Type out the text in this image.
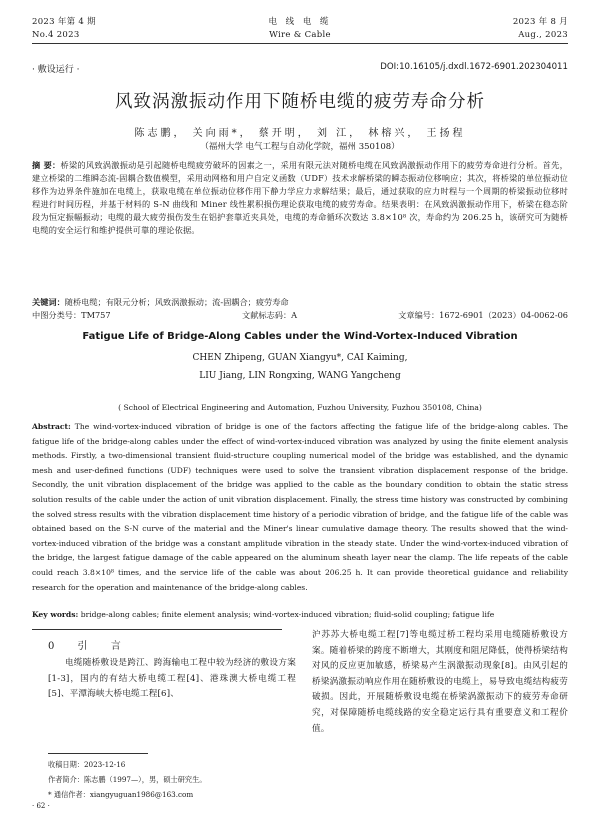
2023 年第 4 期
No.4 2023
电 线 电 缆
Wire & Cable
2023 年 8 月
Aug., 2023
· 敷设运行 ·	DOI:10.16105/j.dxdl.1672-6901.202304011
风致涡激振动作用下随桥电缆的疲劳寿命分析
陈志鹏， 关向雨*， 蔡开明， 刘 江， 林榕兴， 王扬程
（福州大学 电气工程与自动化学院，福州 350108）
摘 要：桥梁的风致涡激振动是引起随桥电缆疲劳破坏的因素之一，采用有限元法对随桥电缆在风致涡激振动作用下的疲劳寿命进行分析。首先，建立桥梁的二维瞬态流-固耦合数值模型，采用动网格和用户自定义函数（UDF）技术求解桥梁的瞬态振动位移响应；其次，将桥梁的单位振动位移作为边界条件施加在电缆上，获取电缆在单位振动位移作用下静力学应力求解结果；最后，通过获取的应力时程与一个周期的桥梁振动位移时程进行时间历程，并基于材料的 S-N 曲线和 Miner 线性累积损伤理论获取电缆的疲劳寿命。结果表明：在风致涡激振动作用下，桥梁在稳态阶段为恒定振幅振动；电缆的最大疲劳损伤发生在铝护套靠近夹具处，电缆的寿命循环次数达 3.8×10⁸ 次，寿命约为 206.25 h，该研究可为随桥电缆的安全运行和维护提供可靠的理论依据。
关键词：随桥电缆；有限元分析；风致涡激振动；流-固耦合；疲劳寿命
中图分类号：TM757	文献标志码：A	文章编号：1672-6901（2023）04-0062-06
Fatigue Life of Bridge-Along Cables under the Wind-Vortex-Induced Vibration
CHEN Zhipeng, GUAN Xiangyu*, CAI Kaiming,
LIU Jiang, LIN Rongxing, WANG Yangcheng
( School of Electrical Engineering and Automation, Fuzhou University, Fuzhou 350108, China)
Abstract: The wind-vortex-induced vibration of bridge is one of the factors affecting the fatigue life of the bridge-along cables. The fatigue life of the bridge-along cables under the effect of wind-vortex-induced vibration was analyzed by using the finite element analysis methods. Firstly, a two-dimensional transient fluid-structure coupling numerical model of the bridge was established, and the dynamic mesh and user-defined functions (UDF) techniques were used to solve the transient vibration displacement response of the bridge. Secondly, the unit vibration displacement of the bridge was applied to the cable as the boundary condition to obtain the static stress solution results of the cable under the action of unit vibration displacement. Finally, the stress time history was constructed by combining the solved stress results with the vibration displacement time history of a periodic vibration of bridge, and the fatigue life of the cable was obtained based on the S-N curve of the material and the Miner's linear cumulative damage theory. The results showed that the wind-vortex-induced vibration of the bridge was a constant amplitude vibration in the steady state. Under the wind-vortex-induced vibration of the bridge, the largest fatigue damage of the cable appeared on the aluminum sheath layer near the clamp. The life repeats of the cable could reach 3.8×10⁸ times, and the service life of the cable was about 206.25 h. It can provide theoretical guidance and reliability research for the operation and maintenance of the bridge-along cables.
Key words: bridge-along cables; finite element analysis; wind-vortex-induced vibration; fluid-solid coupling; fatigue life
0 引 言
电缆随桥敷设是跨江、跨海输电工程中较为经济的敷设方案[1-3]，国内的有结大桥电缆工程[4]、港珠澳大桥电缆工程[5]、平潭海峡大桥电缆工程[6]、
沪苏苏大桥电缆工程[7]等电缆过桥工程均采用电缆随桥敷设方案。随着桥梁的跨度不断增大，其刚度和阻尼降低，使得桥梁结构对风的反应更加敏感，桥梁易产生涡激振动现象[8]。由风引起的桥梁涡激振动响应作用在随桥敷设的电缆上，易导致电缆结构疲劳破损。因此，开展随桥敷设电缆在桥梁涡激振动下的疲劳寿命研究，对保障随桥电缆线路的安全稳定运行具有重要意义和工程价值。
收稿日期：2023-12-16
作者简介：陈志鹏（1997—），男，硕士研究生。
* 通信作者：xiangyuguan1986@163.com
· 62 ·
